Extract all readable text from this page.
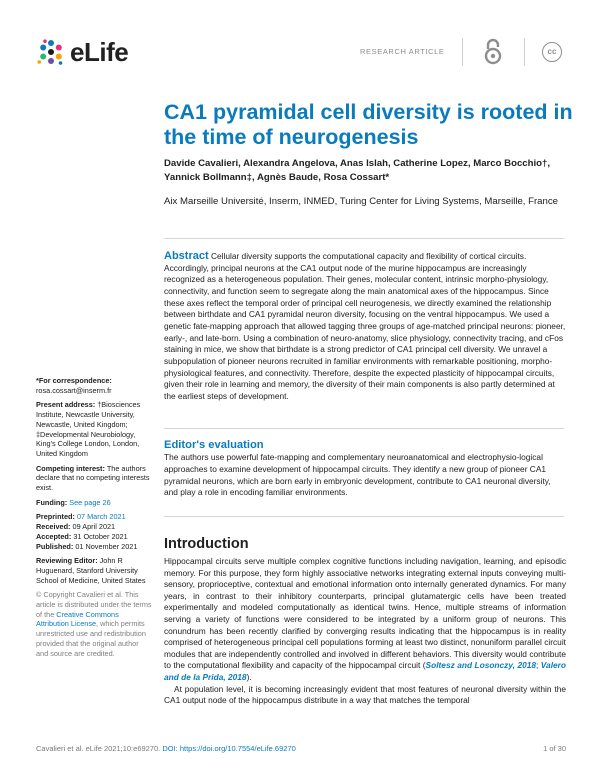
eLife	RESEARCH ARTICLE	cc
CA1 pyramidal cell diversity is rooted in the time of neurogenesis
Davide Cavalieri, Alexandra Angelova, Anas Islah, Catherine Lopez, Marco Bocchio†, Yannick Bollmann‡, Agnès Baude, Rosa Cossart*
Aix Marseille Université, Inserm, INMED, Turing Center for Living Systems, Marseille, France
Abstract Cellular diversity supports the computational capacity and flexibility of cortical circuits. Accordingly, principal neurons at the CA1 output node of the murine hippocampus are increasingly recognized as a heterogeneous population. Their genes, molecular content, intrinsic morpho-physiology, connectivity, and function seem to segregate along the main anatomical axes of the hippocampus. Since these axes reflect the temporal order of principal cell neurogenesis, we directly examined the relationship between birthdate and CA1 pyramidal neuron diversity, focusing on the ventral hippocampus. We used a genetic fate-mapping approach that allowed tagging three groups of age-matched principal neurons: pioneer, early-, and late-born. Using a combination of neuro-anatomy, slice physiology, connectivity tracing, and cFos staining in mice, we show that birthdate is a strong predictor of CA1 principal cell diversity. We unravel a subpopulation of pioneer neurons recruited in familiar environments with remarkable positioning, morpho-physiological features, and connectivity. Therefore, despite the expected plasticity of hippocampal circuits, given their role in learning and memory, the diversity of their main components is also partly determined at the earliest steps of development.
Editor's evaluation
The authors use powerful fate-mapping and complementary neuroanatomical and electrophysio-logical approaches to examine development of hippocampal circuits. They identify a new group of pioneer CA1 pyramidal neurons, which are born early in embryonic development, contribute to CA1 neuronal diversity, and play a role in encoding familiar environments.
Introduction

Hippocampal circuits serve multiple complex cognitive functions including navigation, learning, and episodic memory. For this purpose, they form highly associative networks integrating external inputs conveying multi-sensory, proprioceptive, contextual and emotional information onto internally generated dynamics. For many years, in contrast to their inhibitory counterparts, principal glutamatergic cells have been treated experimentally and modeled computationally as identical twins. Hence, multiple streams of information serving a variety of functions were considered to be integrated by a uniform group of neurons. This conundrum has been recently clarified by converging results indicating that the hippocampus is in reality comprised of heterogeneous principal cell populations forming at least two distinct, nonuniform parallel circuit modules that are independently controlled and involved in different behaviors. This diversity would contribute to the computational flexibility and capacity of the hippocampal circuit (Soltesz and Losonczy, 2018; Valero and de la Prida, 2018).

At population level, it is becoming increasingly evident that most features of neuronal diversity within the CA1 output node of the hippocampus distribute in a way that matches the temporal

*For correspondence:
rosa.cossart@inserm.fr
Present address: †Biosciences Institute, Newcastle University, Newcastle, United Kingdom; ‡Developmental Neurobiology, King's College London, London, United Kingdom
Competing interest: The authors declare that no competing interests exist.
Funding: See page 26
Preprinted: 07 March 2021
Received: 09 April 2021
Accepted: 31 October 2021
Published: 01 November 2021
Reviewing Editor: John R Huguenard, Stanford University School of Medicine, United States
© Copyright Cavalieri et al. This article is distributed under the terms of the Creative Commons Attribution License, which permits unrestricted use and redistribution provided that the original author and source are credited.
Cavalieri et al. eLife 2021;10:e69270. DOI: https://doi.org/10.7554/eLife.69270	1 of 30
